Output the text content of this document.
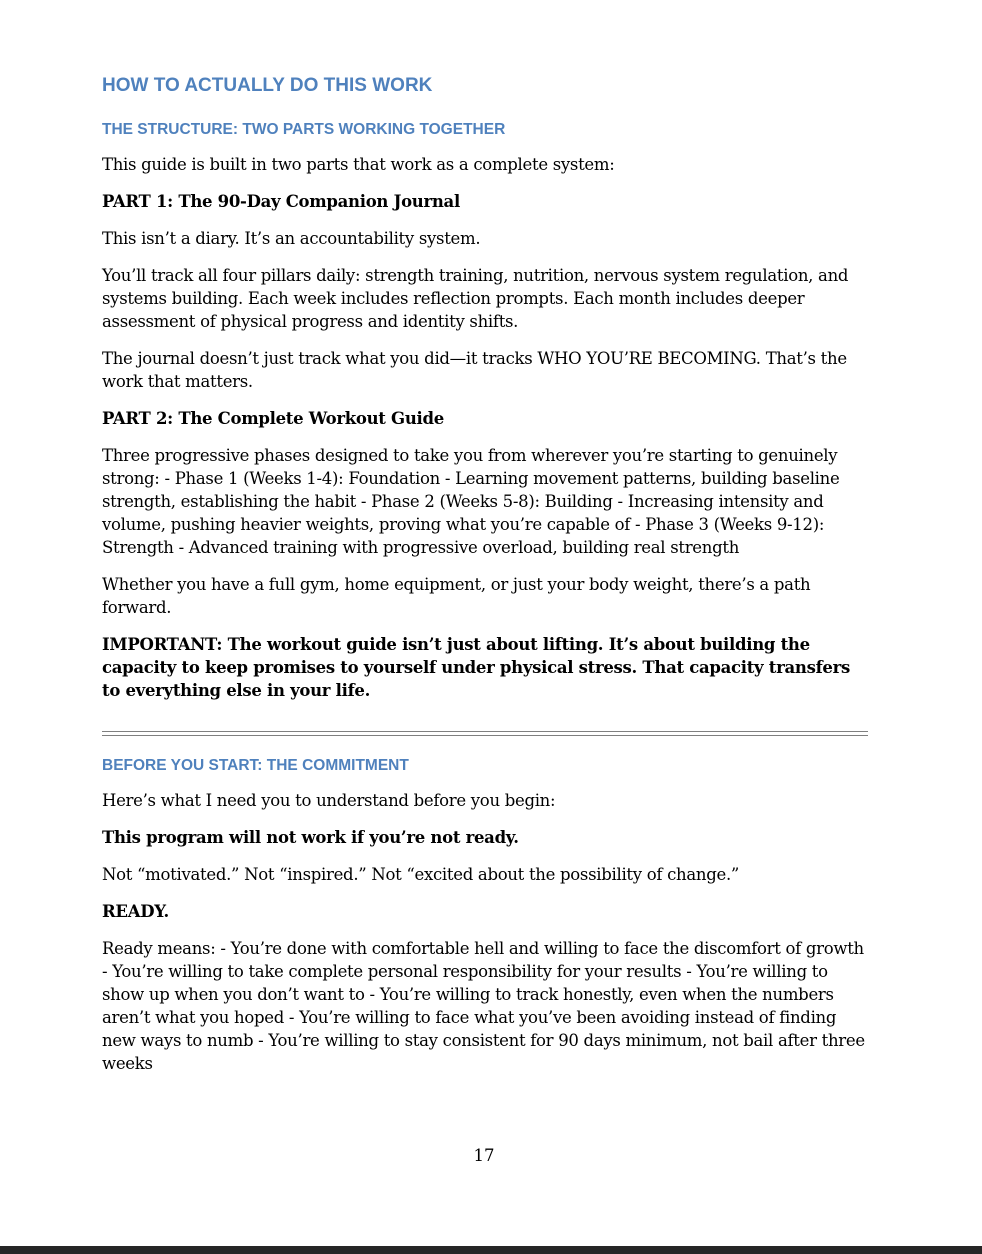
HOW TO ACTUALLY DO THIS WORK
THE STRUCTURE: TWO PARTS WORKING TOGETHER

This guide is built in two parts that work as a complete system:

PART 1: The 90-Day Companion Journal

This isn’t a diary. It’s an accountability system.

You’ll track all four pillars daily: strength training, nutrition, nervous system regulation, and systems building. Each week includes reflection prompts. Each month includes deeper assessment of physical progress and identity shifts.

The journal doesn’t just track what you did—it tracks WHO YOU’RE BECOMING. That’s the work that matters.

PART 2: The Complete Workout Guide

Three progressive phases designed to take you from wherever you’re starting to genuinely strong: - Phase 1 (Weeks 1-4): Foundation - Learning movement patterns, building baseline strength, establishing the habit - Phase 2 (Weeks 5-8): Building - Increasing intensity and volume, pushing heavier weights, proving what you’re capable of - Phase 3 (Weeks 9-12): Strength - Advanced training with progressive overload, building real strength

Whether you have a full gym, home equipment, or just your body weight, there’s a path forward.

IMPORTANT: The workout guide isn’t just about lifting. It’s about building the capacity to keep promises to yourself under physical stress. That capacity transfers to everything else in your life.

BEFORE YOU START: THE COMMITMENT

Here’s what I need you to understand before you begin:

This program will not work if you’re not ready.

Not “motivated.” Not “inspired.” Not “excited about the possibility of change.”

READY.

Ready means: - You’re done with comfortable hell and willing to face the discomfort of growth - You’re willing to take complete personal responsibility for your results - You’re willing to show up when you don’t want to - You’re willing to track honestly, even when the numbers aren’t what you hoped - You’re willing to face what you’ve been avoiding instead of finding new ways to numb - You’re willing to stay consistent for 90 days minimum, not bail after three weeks

17
